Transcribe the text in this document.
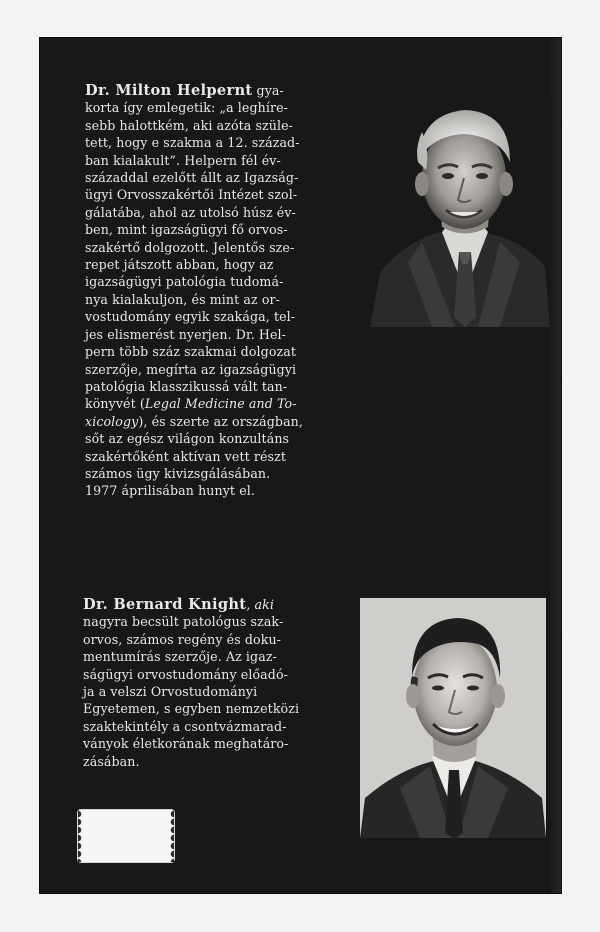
Dr. Milton Helpernt gya-
korta így emlegetik: „a leghíre-
sebb halottkém, aki azóta szüle-
tett, hogy e szakma a 12. század-
ban kialakult”. Helpern fél év-
századdal ezelőtt állt az Igazság-
ügyi Orvosszakértői Intézet szol-
gálatába, ahol az utolsó húsz év-
ben, mint igazságügyi fő orvos-
szakértő dolgozott. Jelentős sze-
repet játszott abban, hogy az
igazságügyi patológia tudomá-
nya kialakuljon, és mint az or-
vostudomány egyik szakága, tel-
jes elismerést nyerjen. Dr. Hel-
pern több száz szakmai dolgozat
szerzője, megírta az igazságügyi
patológia klasszikussá vált tan-
könyvét (Legal Medicine and To-
xicology), és szerte az országban,
sőt az egész világon konzultáns
szakértőként aktívan vett részt
számos ügy kivizsgálásában.
1977 áprilisában hunyt el.
Dr. Bernard Knight, aki
nagyra becsült patológus szak-
orvos, számos regény és doku-
mentumírás szerzője. Az igaz-
ságügyi orvostudomány előadó-
ja a velszi Orvostudományi
Egyetemen, s egyben nemzetközi
szaktekintély a csontvázmarad-
ványok életkorának meghatáro-
zásában.
